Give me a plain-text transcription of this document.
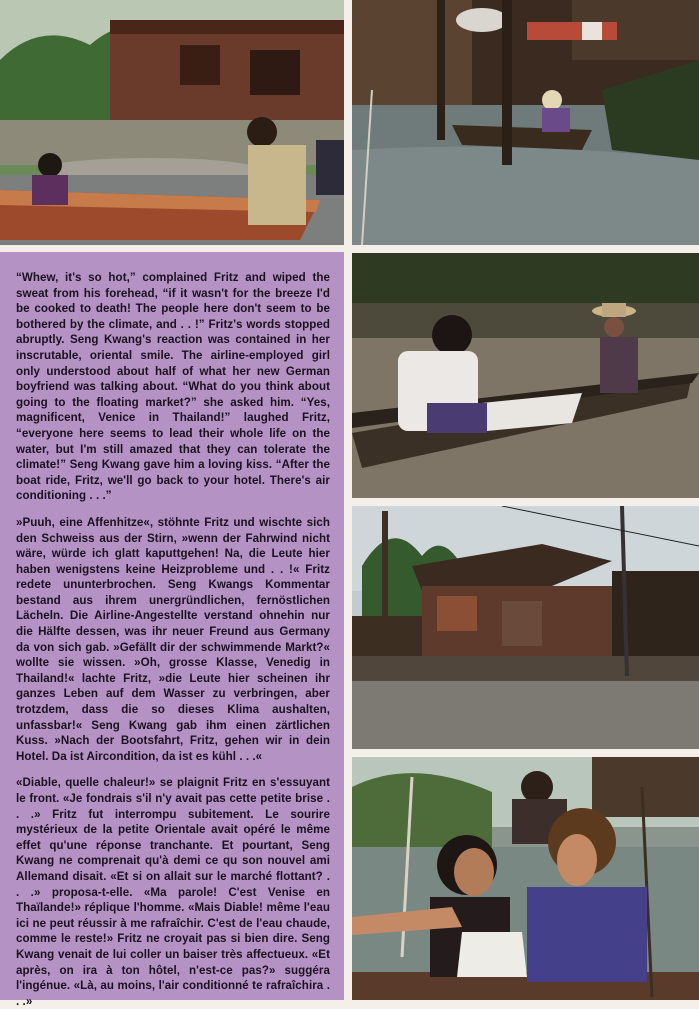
“Whew, it's so hot,” complained Fritz and wiped the sweat from his forehead, “if it wasn't for the breeze I'd be cooked to death! The people here don't seem to be bothered by the climate, and . . !” Fritz's words stopped abruptly. Seng Kwang's reaction was contained in her inscrutable, oriental smile. The airline-employed girl only understood about half of what her new German boyfriend was talking about. “What do you think about going to the floating market?” she asked him. “Yes, magnificent, Venice in Thailand!” laughed Fritz, “everyone here seems to lead their whole life on the water, but I'm still amazed that they can tolerate the climate!” Seng Kwang gave him a loving kiss. “After the boat ride, Fritz, we'll go back to your hotel. There's air conditioning . . .”

»Puuh, eine Affenhitze«, stöhnte Fritz und wischte sich den Schweiss aus der Stirn, »wenn der Fahrwind nicht wäre, würde ich glatt kaputtgehen! Na, die Leute hier haben wenigstens keine Heizprobleme und . . !« Fritz redete ununterbrochen. Seng Kwangs Kommentar bestand aus ihrem unergründlichen, fernöstlichen Lächeln. Die Airline-Angestellte verstand ohnehin nur die Hälfte dessen, was ihr neuer Freund aus Germany da von sich gab. »Gefällt dir der schwimmende Markt?« wollte sie wissen. »Oh, grosse Klasse, Venedig in Thailand!« lachte Fritz, »die Leute hier scheinen ihr ganzes Leben auf dem Wasser zu verbringen, aber trotzdem, dass die so dieses Klima aushalten, unfassbar!« Seng Kwang gab ihm einen zärtlichen Kuss. »Nach der Bootsfahrt, Fritz, gehen wir in dein Hotel. Da ist Aircondition, da ist es kühl . . .«

«Diable, quelle chaleur!» se plaignit Fritz en s'essuyant le front. «Je fondrais s'il n'y avait pas cette petite brise . . .» Fritz fut interrompu subitement. Le sourire mystérieux de la petite Orientale avait opéré le même effet qu'une réponse tranchante. Et pourtant, Seng Kwang ne comprenait qu'à demi ce qu son nouvel ami Allemand disait. «Et si on allait sur le marché flottant? . . .» proposa-t-elle. «Ma parole! C'est Venise en Thaïlande!» réplique l'homme. «Mais Diable! même l'eau ici ne peut réussir à me rafraîchir. C'est de l'eau chaude, comme le reste!» Fritz ne croyait pas si bien dire. Seng Kwang venait de lui coller un baiser très affectueux. «Et après, on ira à ton hôtel, n'est-ce pas?» suggéra l'ingénue. «Là, au moins, l'air conditionné te rafraîchira . . .»
